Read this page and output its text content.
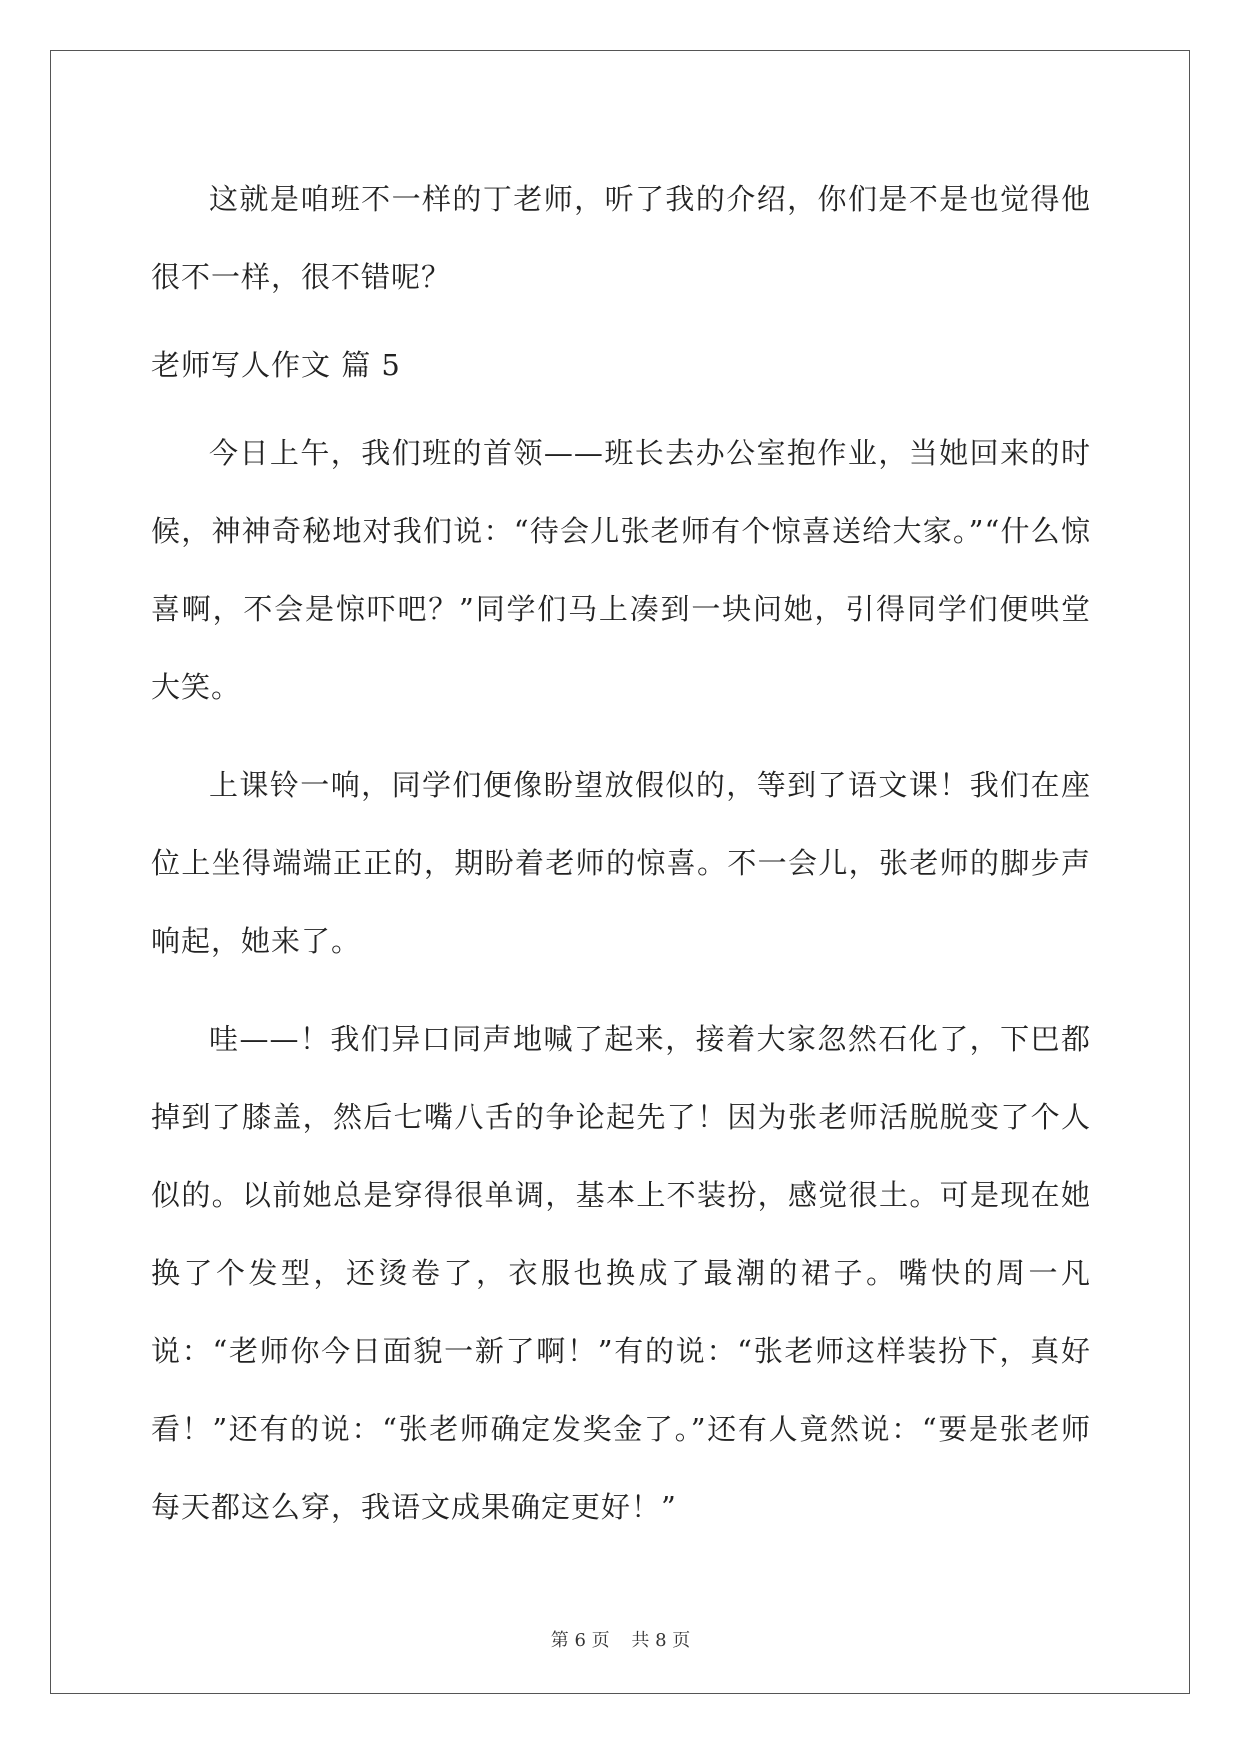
这就是咱班不一样的丁老师，听了我的介绍，你们是不是也觉得他很不一样，很不错呢？

老师写人作文 篇 5

今日上午，我们班的首领——班长去办公室抱作业，当她回来的时候，神神奇秘地对我们说：“待会儿张老师有个惊喜送给大家。”“什么惊喜啊，不会是惊吓吧？”同学们马上凑到一块问她，引得同学们便哄堂大笑。

上课铃一响，同学们便像盼望放假似的，等到了语文课！我们在座位上坐得端端正正的，期盼着老师的惊喜。不一会儿，张老师的脚步声响起，她来了。

哇——！我们异口同声地喊了起来，接着大家忽然石化了，下巴都掉到了膝盖，然后七嘴八舌的争论起先了！因为张老师活脱脱变了个人似的。以前她总是穿得很单调，基本上不装扮，感觉很土。可是现在她换了个发型，还烫卷了，衣服也换成了最潮的裙子。嘴快的周一凡说：“老师你今日面貌一新了啊！”有的说：“张老师这样装扮下，真好看！”还有的说：“张老师确定发奖金了。”还有人竟然说：“要是张老师每天都这么穿，我语文成果确定更好！”

第 6 页 共 8 页
